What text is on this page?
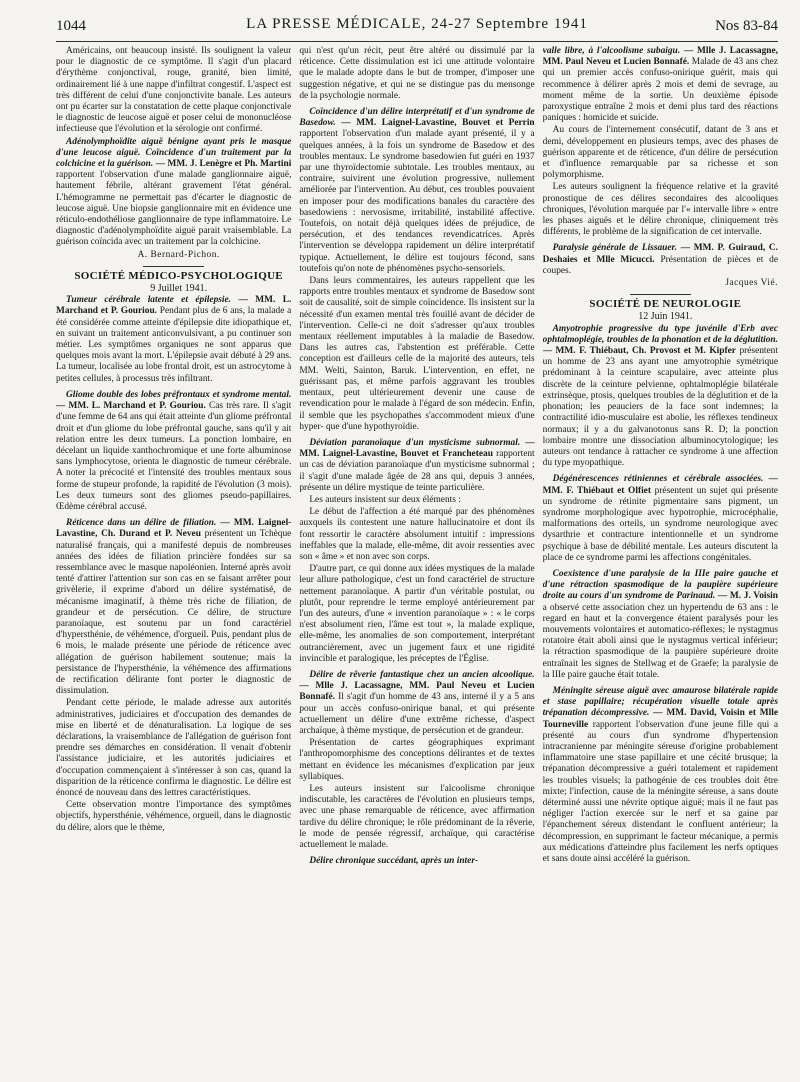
1044	LA PRESSE MÉDICALE, 24-27 Septembre 1941	Nos 83-84

Américains, ont beaucoup insisté. Ils soulignent la valeur pour le diagnostic de ce symptôme. Il s'agit d'un placard d'érythème conjonctival, rouge, granité, bien limité, ordinairement lié à une nappe d'infiltrat congestif. L'aspect est très différent de celui d'une conjonctivite banale. Les auteurs ont pu écarter sur la constatation de cette plaque conjonctivale le diagnostic de leucose aiguë et poser celui de mononucléose infectieuse que l'évolution et la sérologie ont confirmé.

Adénolymphoïdite aiguë bénigne ayant pris le masque d'une leucose aiguë. Coïncidence d'un traitement par la colchicine et la guérison. — MM. J. Lenègre et Ph. Martini rapportent l'observation d'une malade ganglionnaire aiguë, hautement fébrile, altérant gravement l'état général. L'hémogramme ne permettait pas d'écarter le diagnostic de leucose aiguë. Une biopsie ganglionnaire mit en évidence une réticulo-endothéliose ganglionnaire de type inflammatoire. Le diagnostic d'adénolymphoïdite aiguë parait vraisemblable. La guérison coïncida avec un traitement par la colchicine.

A. Bernard-Pichon.

SOCIÉTÉ MÉDICO-PSYCHOLOGIQUE

9 Juillet 1941.

Tumeur cérébrale latente et épilepsie. — MM. L. Marchand et P. Gouriou. Pendant plus de 6 ans, la malade a été considérée comme atteinte d'épilepsie dite idiopathique et, en suivant un traitement anticonvulsivant, a pu continuer son métier. Les symptômes organiques ne sont apparus que quelques mois avant la mort. L'épilepsie avait débuté à 29 ans. La tumeur, localisée au lobe frontal droit, est un astrocytome à petites cellules, à processus très infiltrant.

Gliome double des lobes préfrontaux et syndrome mental. — MM. L. Marchand et P. Gouriou. Cas très rare. Il s'agit d'une femme de 64 ans qui était atteinte d'un gliome préfrontal droit et d'un gliome du lobe préfrontal gauche, sans qu'il y ait relation entre les deux tumeurs. La ponction lombaire, en décelant un liquide xanthochromique et une forte albuminose sans lymphocytose, orienta le diagnostic de tumeur cérébrale. A noter la précocité et l'intensité des troubles mentaux sous forme de stupeur profonde, la rapidité de l'évolution (3 mois). Les deux tumeurs sont des gliomes pseudo-papillaires. Œdème cérébral accusé.

Réticence dans un délire de filiation. — MM. Laignel-Lavastine, Ch. Durand et P. Neveu présentent un Tchèque naturalisé français, qui a manifesté depuis de nombreuses années des idées de filiation princière fondées sur sa ressemblance avec le masque napoléonien. Interné après avoir tenté d'attirer l'attention sur son cas en se faisant arrêter pour grivèlerie, il exprime d'abord un délire systématisé, de mécanisme imaginatif, à thème très riche de filiation, de grandeur et de persécution. Ce délire, de structure paranoïaque, est soutenu par un fond caractériel d'hypersthénie, de véhémence, d'orgueil. Puis, pendant plus de 6 mois, le malade présente une période de réticence avec allégation de guérison habilement soutenue; mais la persistance de l'hypersthénie, la véhémence des affirmations de rectification délirante font porter le diagnostic de dissimulation.

Pendant cette période, le malade adresse aux autorités administratives, judiciaires et d'occupation des demandes de mise en liberté et de dénaturalisation. La logique de ses déclarations, la vraisemblance de l'allégation de guérison font prendre ses démarches en considération. Il venait d'obtenir l'assistance judiciaire, et les autorités judiciaires et d'occupation commençaient à s'intéresser à son cas, quand la disparition de la réticence confirma le diagnostic. Le délire est énoncé de nouveau dans des lettres caractéristiques.

Cette observation montre l'importance des symptômes objectifs, hypersthénie, véhémence, orgueil, dans le diagnostic du délire, alors que le thème,

qui n'est qu'un récit, peut être altéré ou dissimulé par la réticence. Cette dissimulation est ici une attitude volontaire que le malade adopte dans le but de tromper, d'imposer une suggestion négative, et qui ne se distingue pas du mensonge de la psychologie normale.

Coïncidence d'un délire interprétatif et d'un syndrome de Basedow. — MM. Laignel-Lavastine, Bouvet et Perrin rapportent l'observation d'un malade ayant présenté, il y a quelques années, à la fois un syndrome de Basedow et des troubles mentaux. Le syndrome basedowien fut guéri en 1937 par une thyroïdectomie subtotale. Les troubles mentaux, au contraire, suivirent une évolution progressive, nullement améliorée par l'intervention. Au début, ces troubles pouvaient en imposer pour des modifications banales du caractère des basedowiens : nervosisme, irritabilité, instabilité affective. Toutefois, on notait déjà quelques idées de préjudice, de persécution, et des tendances revendicatrices. Après l'intervention se développa rapidement un délire interprétatif typique. Actuellement, le délire est toujours fécond, sans toutefois qu'on note de phénomènes psycho-sensoriels.

Dans leurs commentaires, les auteurs rappellent que les rapports entre troubles mentaux et syndrome de Basedow sont soit de causalité, soit de simple coïncidence. Ils insistent sur la nécessité d'un examen mental très fouillé avant de décider de l'intervention. Celle-ci ne doit s'adresser qu'aux troubles mentaux réellement imputables à la maladie de Basedow. Dans les autres cas, l'abstention est préférable. Cette conception est d'ailleurs celle de la majorité des auteurs, tels MM. Welti, Sainton, Baruk. L'intervention, en effet, ne guérissant pas, et même parfois aggravant les troubles mentaux, peut ultérieurement devenir une cause de revendication pour le malade à l'égard de son médecin. Enfin, il semble que les psychopathes s'accommodent mieux d'une hyper- que d'une hypothyroïdie.

Déviation paranoïaque d'un mysticisme subnormal. — MM. Laignel-Lavastine, Bouvet et Francheteau rapportent un cas de déviation paranoïaque d'un mysticisme subnormal ; il s'agit d'une malade âgée de 28 ans qui, depuis 3 années, présente un délire mystique de teinte particulière.

Les auteurs insistent sur deux éléments :

Le début de l'affection a été marqué par des phénomènes auxquels ils contestent une nature hallucinatoire et dont ils font ressortir le caractère absolument intuitif : impressions ineffables que la malade, elle-même, dit avoir ressenties avec son « âme » et non avec son corps.

D'autre part, ce qui donne aux idées mystiques de la malade leur allure pathologique, c'est un fond caractériel de structure nettement paranoïaque. A partir d'un véritable postulat, ou plutôt, pour reprendre le terme employé antérieurement par l'un des auteurs, d'une « invention paranoïaque » : « le corps n'est absolument rien, l'âme est tout », la malade explique, elle-même, les anomalies de son comportement, interprétant outrancièrement, avec un jugement faux et une rigidité invincible et paralogique, les préceptes de l'Église.

Délire de rêverie fantastique chez un ancien alcoolique. — Mlle J. Lacassagne, MM. Paul Neveu et Lucien Bonnafé. Il s'agit d'un homme de 43 ans, interné il y a 5 ans pour un accès confuso-onirique banal, et qui présente actuellement un délire d'une extrême richesse, d'aspect archaïque, à thème mystique, de persécution et de grandeur.

Présentation de cartes géographiques exprimant l'anthropomorphisme des conceptions délirantes et de textes mettant en évidence les mécanismes d'explication par jeux syllabiques.

Les auteurs insistent sur l'alcoolisme chronique indiscutable, les caractères de l'évolution en plusieurs temps, avec une phase remarquable de réticence, avec affirmation tardive du délire chronique; le rôle prédominant de la rêverie, le mode de pensée régressif, archaïque, qui caractérise actuellement le malade.

Délire chronique succédant, après un inter-

valle libre, à l'alcoolisme subaigu. — Mlle J. Lacassagne, MM. Paul Neveu et Lucien Bonnafé. Malade de 43 ans chez qui un premier accès confuso-onirique guérit, mais qui recommence à délirer après 2 mois et demi de sevrage, au moment même de la sortie. Un deuxième épisode paroxystique entraîne 2 mois et demi plus tard des réactions paniques : homicide et suicide.

Au cours de l'internement consécutif, datant de 3 ans et demi, développement en plusieurs temps, avec des phases de guérison apparente et de réticence, d'un délire de persécution et d'influence remarquable par sa richesse et son polymorphisme.

Les auteurs soulignent la fréquence relative et la gravité pronostique de ces délires secondaires des alcooliques chroniques, l'évolution marquée par l'« intervalle libre » entre les phases aiguës et le délire chronique, cliniquement très différents, le problème de la signification de cet intervalle.

Paralysie générale de Lissauer. — MM. P. Guiraud, C. Deshaies et Mlle Micucci. Présentation de pièces et de coupes.

Jacques Vié.

SOCIÉTÉ DE NEUROLOGIE

12 Juin 1941.

Amyotrophie progressive du type juvénile d'Erb avec ophtalmoplégie, troubles de la phonation et de la déglutition. — MM. F. Thiébaut, Ch. Provost et M. Kipfer présentent un homme de 23 ans ayant une amyotrophie symétrique prédominant à la ceinture scapulaire, avec atteinte plus discrète de la ceinture pelvienne, ophtalmoplégie bilatérale extrinsèque, ptosis, quelques troubles de la déglutition et de la phonation; les peauciers de la face sont indemnes; la contractilité idio-musculaire est abolie, les réflexes tendineux normaux; il y a du galvanotonus sans R. D; la ponction lombaire montre une dissociation albuminocytologique; les auteurs ont tendance à rattacher ce syndrome à une affection du type myopathique.

Dégénérescences rétiniennes et cérébrale associées. — MM. F. Thiébaut et Olfiet présentent un sujet qui présente un syndrome de rétinite pigmentaire sans pigment, un syndrome morphologique avec hypotrophie, microcéphalie, malformations des orteils, un syndrome neurologique avec dysarthrie et contracture intentionnelle et un syndrome psychique à base de débilité mentale. Les auteurs discutent la place de ce syndrome parmi les affections congénitales.

Coexistence d'une paralysie de la IIIe paire gauche et d'une rétraction spasmodique de la paupière supérieure droite au cours d'un syndrome de Parinaud. — M. J. Voisin a observé cette association chez un hypertendu de 63 ans : le regard en haut et la convergence étaient paralysés pour les mouvements volontaires et automatico-réflexes; le nystagmus rotatoire était aboli ainsi que le nystagmus vertical inférieur; la rétraction spasmodique de la paupière supérieure droite entraînait les signes de Stellwag et de Graefe; la paralysie de la IIIe paire gauche était totale.

Méningite séreuse aiguë avec amaurose bilatérale rapide et stase papillaire; récupération visuelle totale après trépanation décompressive. — MM. David, Voisin et Mlle Tourneville rapportent l'observation d'une jeune fille qui a présenté au cours d'un syndrome d'hypertension intracranienne par méningite séreuse d'origine probablement inflammatoire une stase papillaire et une cécité brusque; la trépanation décompressive a guéri totalement et rapidement les troubles visuels; la pathogénie de ces troubles doit être mixte; l'infection, cause de la méningite séreuse, a sans doute déterminé aussi une névrite optique aiguë; mais il ne faut pas négliger l'action exercée sur le nerf et sa gaine par l'épanchement séreux distendant le confluent antérieur; la décompression, en supprimant le facteur mécanique, a permis aux médications d'atteindre plus facilement les nerfs optiques et sans doute ainsi accéléré la guérison.
